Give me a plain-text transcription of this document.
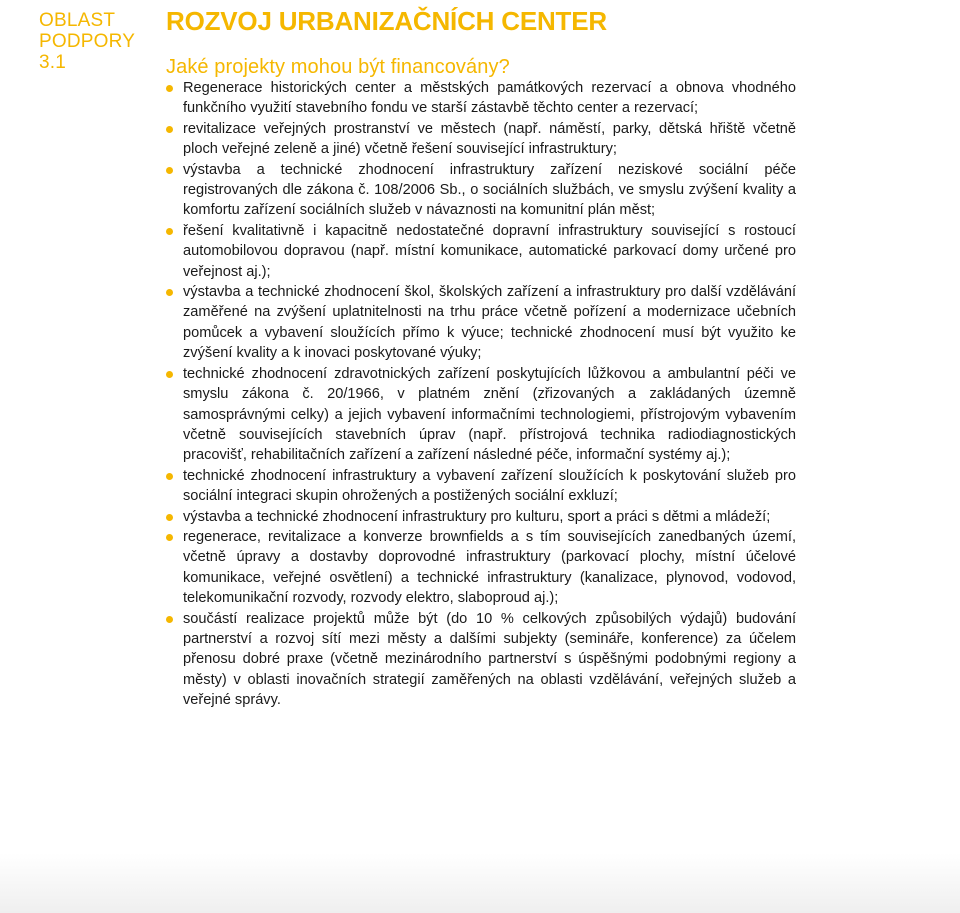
OBLAST
PODPORY
3.1
ROZVOJ URBANIZAČNÍCH CENTER
Jaké projekty mohou být financovány?
Regenerace historických center a městských památkových rezervací a obnova vhodného funkčního využití stavebního fondu ve starší zástavbě těchto center a rezervací;
revitalizace veřejných prostranství ve městech (např. náměstí, parky, dětská hřiště včetně ploch veřejné zeleně a jiné) včetně řešení související infrastruktury;
výstavba a technické zhodnocení infrastruktury zařízení neziskové sociální péče registrovaných dle zákona č. 108/2006 Sb., o sociálních službách, ve smyslu zvýšení kvality a komfortu zařízení sociálních služeb v návaznosti na komunitní plán měst;
řešení kvalitativně i kapacitně nedostatečné dopravní infrastruktury související s rostoucí automobilovou dopravou (např. místní komunikace, automatické parkovací domy určené pro veřejnost aj.);
výstavba a technické zhodnocení škol, školských zařízení a infrastruktury pro další vzdělávání zaměřené na zvýšení uplatnitelnosti na trhu práce včetně pořízení a modernizace učebních pomůcek a vybavení sloužících přímo k výuce; technické zhodnocení musí být využito ke zvýšení kvality a k inovaci poskytované výuky;
technické zhodnocení zdravotnických zařízení poskytujících lůžkovou a ambulantní péči ve smyslu zákona č. 20/1966, v platném znění (zřizovaných a zakládaných územně samosprávnými celky) a jejich vybavení informačními technologiemi, přístrojovým vybavením včetně souvisejících stavebních úprav (např. přístrojová technika radiodiagnostických pracovišť, rehabilitačních zařízení a zařízení následné péče, informační systémy aj.);
technické zhodnocení infrastruktury a vybavení zařízení sloužících k poskytování služeb pro sociální integraci skupin ohrožených a postižených sociální exkluzí;
výstavba a technické zhodnocení infrastruktury pro kulturu, sport a práci s dětmi a mládeží;
regenerace, revitalizace a konverze brownfields a s tím souvisejících zanedbaných území, včetně úpravy a dostavby doprovodné infrastruktury (parkovací plochy, místní účelové komunikace, veřejné osvětlení) a technické infrastruktury (kanalizace, plynovod, vodovod, telekomunikační rozvody, rozvody elektro, slaboproud aj.);
součástí realizace projektů může být (do 10 % celkových způsobilých výdajů) budování partnerství a rozvoj sítí mezi městy a dalšími subjekty (semináře, konference) za účelem přenosu dobré praxe (včetně mezinárodního partnerství s úspěšnými podobnými regiony a městy) v oblasti inovačních strategií zaměřených na oblasti vzdělávání, veřejných služeb a veřejné správy.
